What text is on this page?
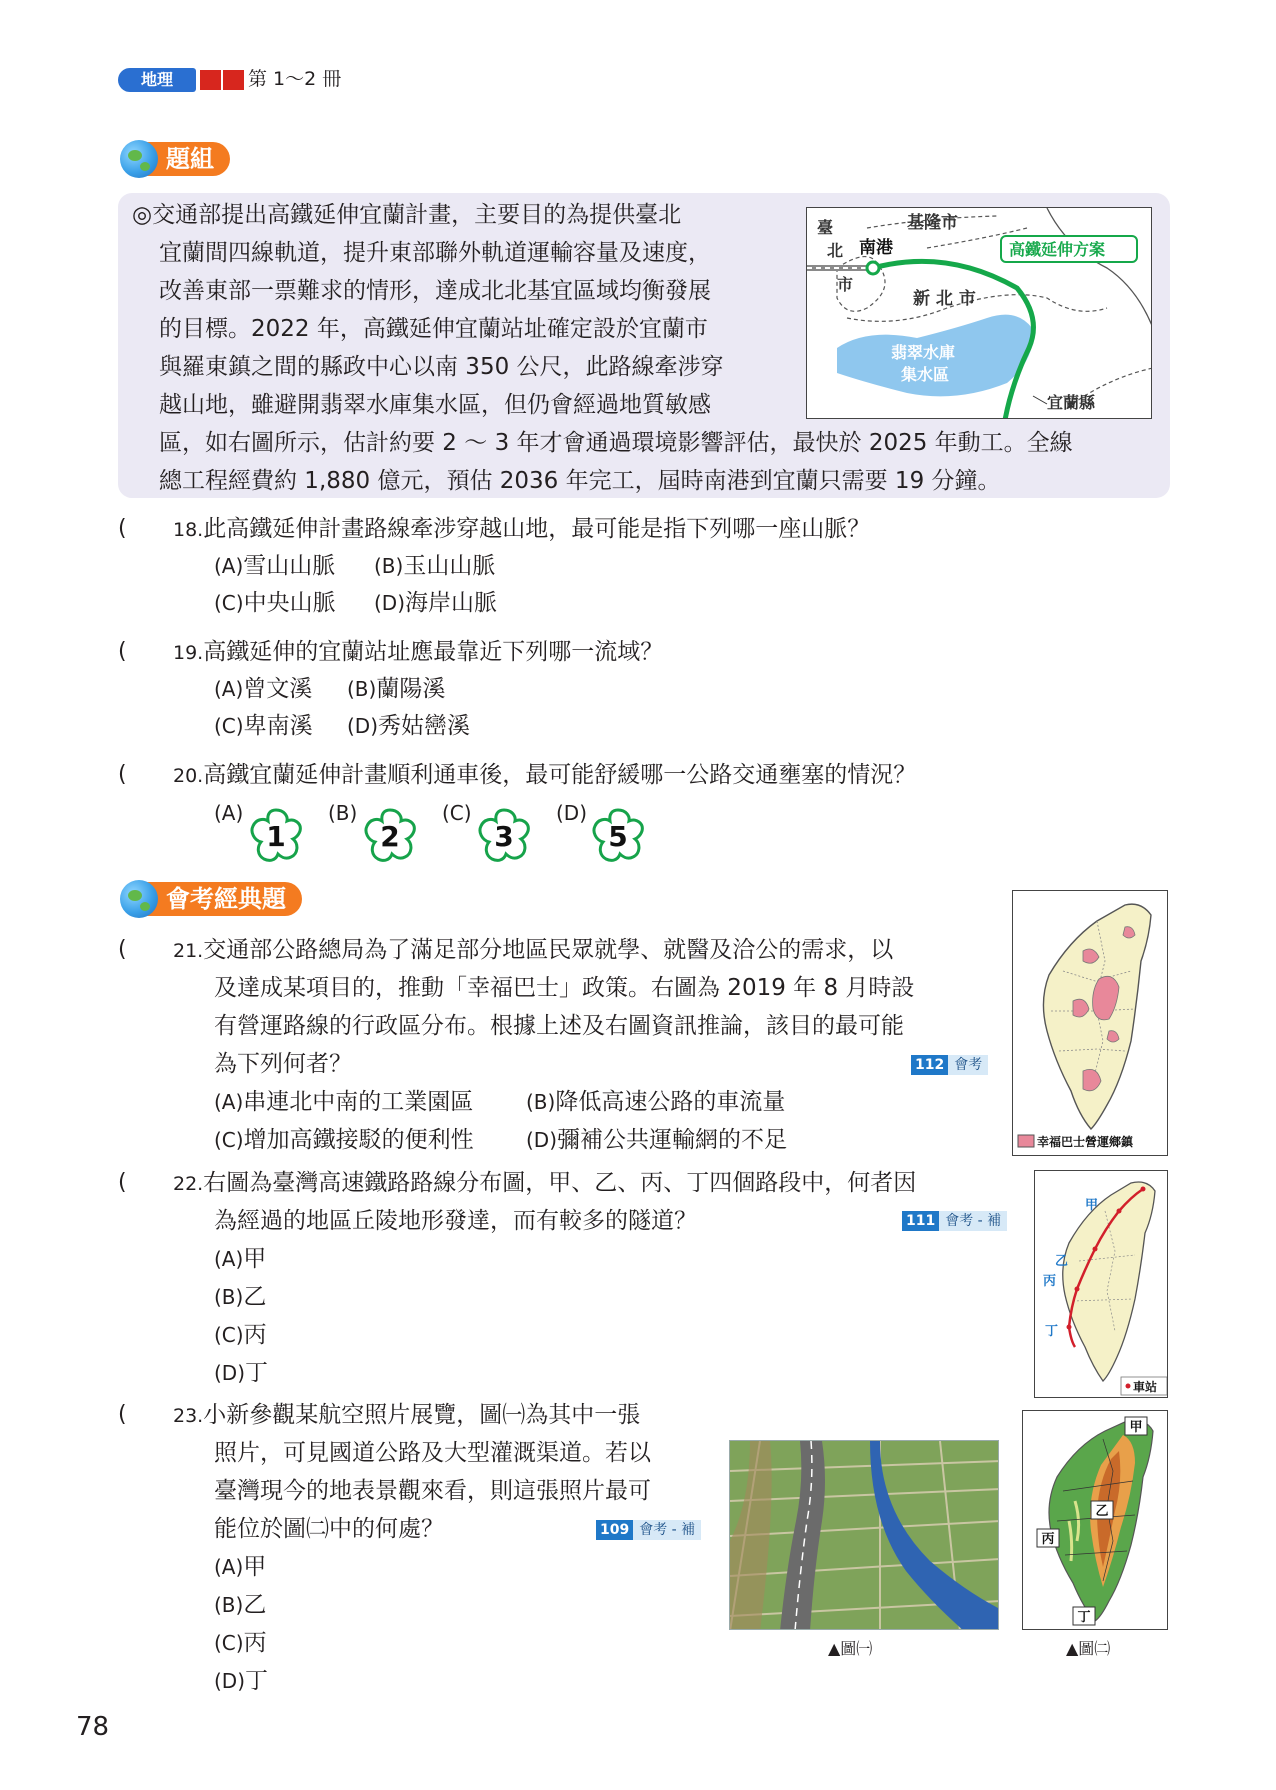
地理	第 1～2 冊
題組
◎交通部提出高鐵延伸宜蘭計畫，主要目的為提供臺北
宜蘭間四線軌道，提升東部聯外軌道運輸容量及速度，
改善東部一票難求的情形，達成北北基宜區域均衡發展
的目標。2022 年，高鐵延伸宜蘭站址確定設於宜蘭市
與羅東鎮之間的縣政中心以南 350 公尺，此路線牽涉穿
越山地，雖避開翡翠水庫集水區，但仍會經過地質敏感
區，如右圖所示，估計約要 2 ～ 3 年才會通過環境影響評估，最快於 2025 年動工。全線
總工程經費約 1,880 億元，預估 2036 年完工，屆時南港到宜蘭只需要 19 分鐘。
臺
北
市
基隆市
南港
新 北 市
翡翠水庫
集水區
宜蘭縣
高鐵延伸方案
( 18.此高鐵延伸計畫路線牽涉穿越山地，最可能是指下列哪一座山脈？
(A)雪山山脈 (B)玉山山脈
(C)中央山脈 (D)海岸山脈
( 19.高鐵延伸的宜蘭站址應最靠近下列哪一流域？
(A)曾文溪 (B)蘭陽溪
(C)卑南溪 (D)秀姑巒溪
( 20.高鐵宜蘭延伸計畫順利通車後，最可能舒緩哪一公路交通壅塞的情況？
(A)
1
(B)
2
(C)
3
(D)
5
會考經典題
( 21.交通部公路總局為了滿足部分地區民眾就學、就醫及洽公的需求，以
及達成某項目的，推動「幸福巴士」政策。右圖為 2019 年 8 月時設
有營運路線的行政區分布。根據上述及右圖資訊推論，該目的最可能
為下列何者？	112 會考
(A)串連北中南的工業園區	(B)降低高速公路的車流量
(C)增加高鐵接駁的便利性	(D)彌補公共運輸網的不足	幸福巴士營運鄉鎮
( 22.右圖為臺灣高速鐵路路線分布圖，甲、乙、丙、丁四個路段中，何者因
為經過的地區丘陵地形發達，而有較多的隧道？	111 會考 - 補
(A)甲
(B)乙
(C)丙
(D)丁
甲
乙
丙
丁
車站
( 23.小新參觀某航空照片展覽，圖㈠為其中一張
照片，可見國道公路及大型灌溉渠道。若以
臺灣現今的地表景觀來看，則這張照片最可
能位於圖㈡中的何處？	109 會考 - 補
(A)甲
(B)乙
(C)丙
(D)丁
▲圖㈠
甲
乙
丙
丁
▲圖㈡
78
